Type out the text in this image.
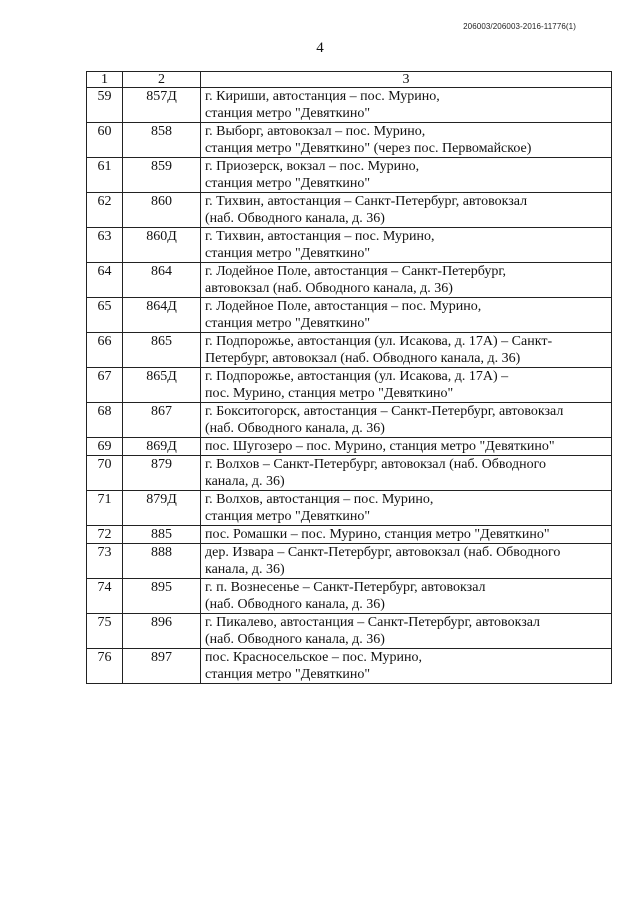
206003/206003-2016-11776(1)
4
1	2	3
59	857Д	г. Кириши, автостанция – пос. Мурино,
станция метро "Девяткино"

60	858	г. Выборг, автовокзал – пос. Мурино,
станция метро "Девяткино" (через пос. Первомайское)

61	859	г. Приозерск, вокзал – пос. Мурино,
станция метро "Девяткино"

62	860	г. Тихвин, автостанция – Санкт-Петербург, автовокзал
(наб. Обводного канала, д. 36)

63	860Д	г. Тихвин, автостанция – пос. Мурино,
станция метро "Девяткино"

64	864	г. Лодейное Поле, автостанция – Санкт-Петербург,
автовокзал (наб. Обводного канала, д. 36)

65	864Д	г. Лодейное Поле, автостанция – пос. Мурино,
станция метро "Девяткино"

66	865	г. Подпорожье, автостанция (ул. Исакова, д. 17А) – Санкт-
Петербург, автовокзал (наб. Обводного канала, д. 36)

67	865Д	г. Подпорожье, автостанция (ул. Исакова, д. 17А) –
пос. Мурино, станция метро "Девяткино"

68	867	г. Бокситогорск, автостанция – Санкт-Петербург, автовокзал
(наб. Обводного канала, д. 36)

69	869Д	пос. Шугозеро – пос. Мурино, станция метро "Девяткино"

70	879	г. Волхов – Санкт-Петербург, автовокзал (наб. Обводного
канала, д. 36)

71	879Д	г. Волхов, автостанция – пос. Мурино,
станция метро "Девяткино"

72	885	пос. Ромашки – пос. Мурино, станция метро "Девяткино"

73	888	дер. Извара – Санкт-Петербург, автовокзал (наб. Обводного
канала, д. 36)

74	895	г. п. Вознесенье – Санкт-Петербург, автовокзал
(наб. Обводного канала, д. 36)

75	896	г. Пикалево, автостанция – Санкт-Петербург, автовокзал
(наб. Обводного канала, д. 36)

76	897	пос. Красносельское – пос. Мурино,
станция метро "Девяткино"
